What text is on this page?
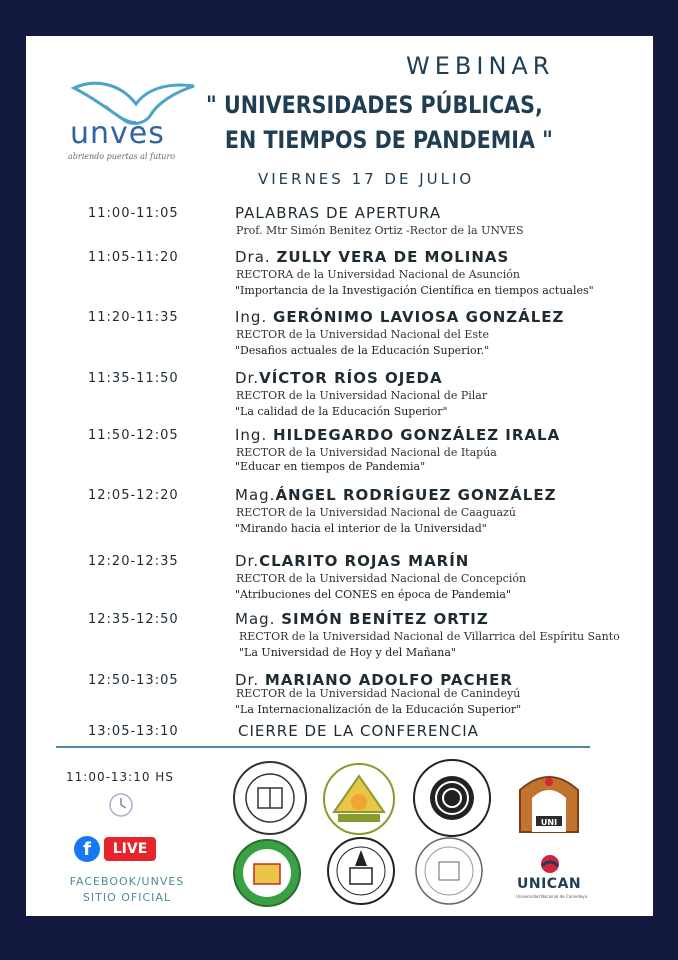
unves
abriendo puertas al futuro
WEBINAR
" UNIVERSIDADES PÚBLICAS,
EN TIEMPOS DE PANDEMIA "
VIERNES 17 DE JULIO
11:00-11:05	PALABRAS DE APERTURA
Prof. Mtr Simón Benitez Ortiz -Rector de la UNVES
11:05-11:20	Dra. ZULLY VERA DE MOLINAS
RECTORA de la Universidad Nacional de Asunción
"Importancia de la Investigación Científica en tiempos actuales"
11:20-11:35	Ing. GERÓNIMO LAVIOSA GONZÁLEZ
RECTOR de la Universidad Nacional del Este
"Desafios actuales de la Educación Superior."
11:35-11:50	Dr.VÍCTOR RÍOS OJEDA
RECTOR de la Universidad Nacional de Pilar
"La calidad de la Educación Superior"
11:50-12:05	Ing. HILDEGARDO GONZÁLEZ IRALA
RECTOR de la Universidad Nacional de Itapúa
"Educar en tiempos de Pandemia"
12:05-12:20	Mag.ÁNGEL RODRÍGUEZ GONZÁLEZ
RECTOR de la Universidad Nacional de Caaguazú
"Mirando hacia el interior de la Universidad"
12:20-12:35	Dr.CLARITO ROJAS MARÍN
RECTOR de la Universidad Nacional de Concepción
"Atribuciones del CONES en época de Pandemia"
12:35-12:50	Mag. SIMÓN BENÍTEZ ORTIZ
RECTOR de la Universidad Nacional de Villarrica del Espíritu Santo
"La Universidad de Hoy y del Mañana"
12:50-13:05	Dr. MARIANO ADOLFO PACHER
RECTOR de la Universidad Nacional de Canindeyú
"La Internacionalización de la Educación Superior"
13:05-13:10	CIERRE DE LA CONFERENCIA
11:00-13:10 HS
f	LIVE
FACEBOOK/UNVES
SITIO OFICIAL
UNI
UNICAN
Universidad Nacional de Canindeyú
